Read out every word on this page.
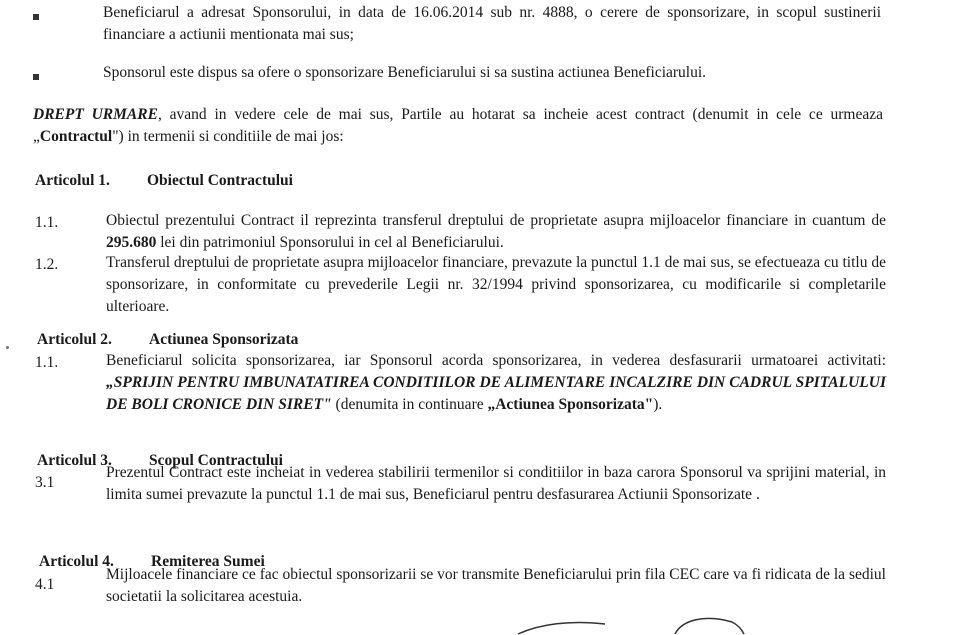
Beneficiarul a adresat Sponsorului, in data de 16.06.2014 sub nr. 4888, o cerere de sponsorizare, in scopul sustinerii financiare a actiunii mentionata mai sus;
Sponsorul este dispus sa ofere o sponsorizare Beneficiarului si sa sustina actiunea Beneficiarului.
DREPT URMARE, avand in vedere cele de mai sus, Partile au hotarat sa incheie acest contract (denumit in cele ce urmeaza „Contractul") in termenii si conditiile de mai jos:
Articolul 1. Obiectul Contractului
1.1.	Obiectul prezentului Contract il reprezinta transferul dreptului de proprietate asupra mijloacelor financiare in cuantum de 295.680 lei din patrimoniul Sponsorului in cel al Beneficiarului.
1.2.	Transferul dreptului de proprietate asupra mijloacelor financiare, prevazute la punctul 1.1 de mai sus, se efectueaza cu titlu de sponsorizare, in conformitate cu prevederile Legii nr. 32/1994 privind sponsorizarea, cu modificarile si completarile ulterioare.
Articolul 2. Actiunea Sponsorizata
1.1.	Beneficiarul solicita sponsorizarea, iar Sponsorul acorda sponsorizarea, in vederea desfasurarii urmatoarei activitati: „SPRIJIN PENTRU IMBUNATATIREA CONDITIILOR DE ALIMENTARE INCALZIRE DIN CADRUL SPITALULUI DE BOLI CRONICE DIN SIRET" (denumita in continuare „Actiunea Sponsorizata").
Articolul 3. Scopul Contractului
3.1
Prezentul Contract este incheiat in vederea stabilirii termenilor si conditiilor in baza carora Sponsorul va sprijini material, in limita sumei prevazute la punctul 1.1 de mai sus, Beneficiarul pentru desfasurarea Actiunii Sponsorizate .
Articolul 4. Remiterea Sumei
4.1
Mijloacele financiare ce fac obiectul sponsorizarii se vor transmite Beneficiarului prin fila CEC care va fi ridicata de la sediul societatii la solicitarea acestuia.
